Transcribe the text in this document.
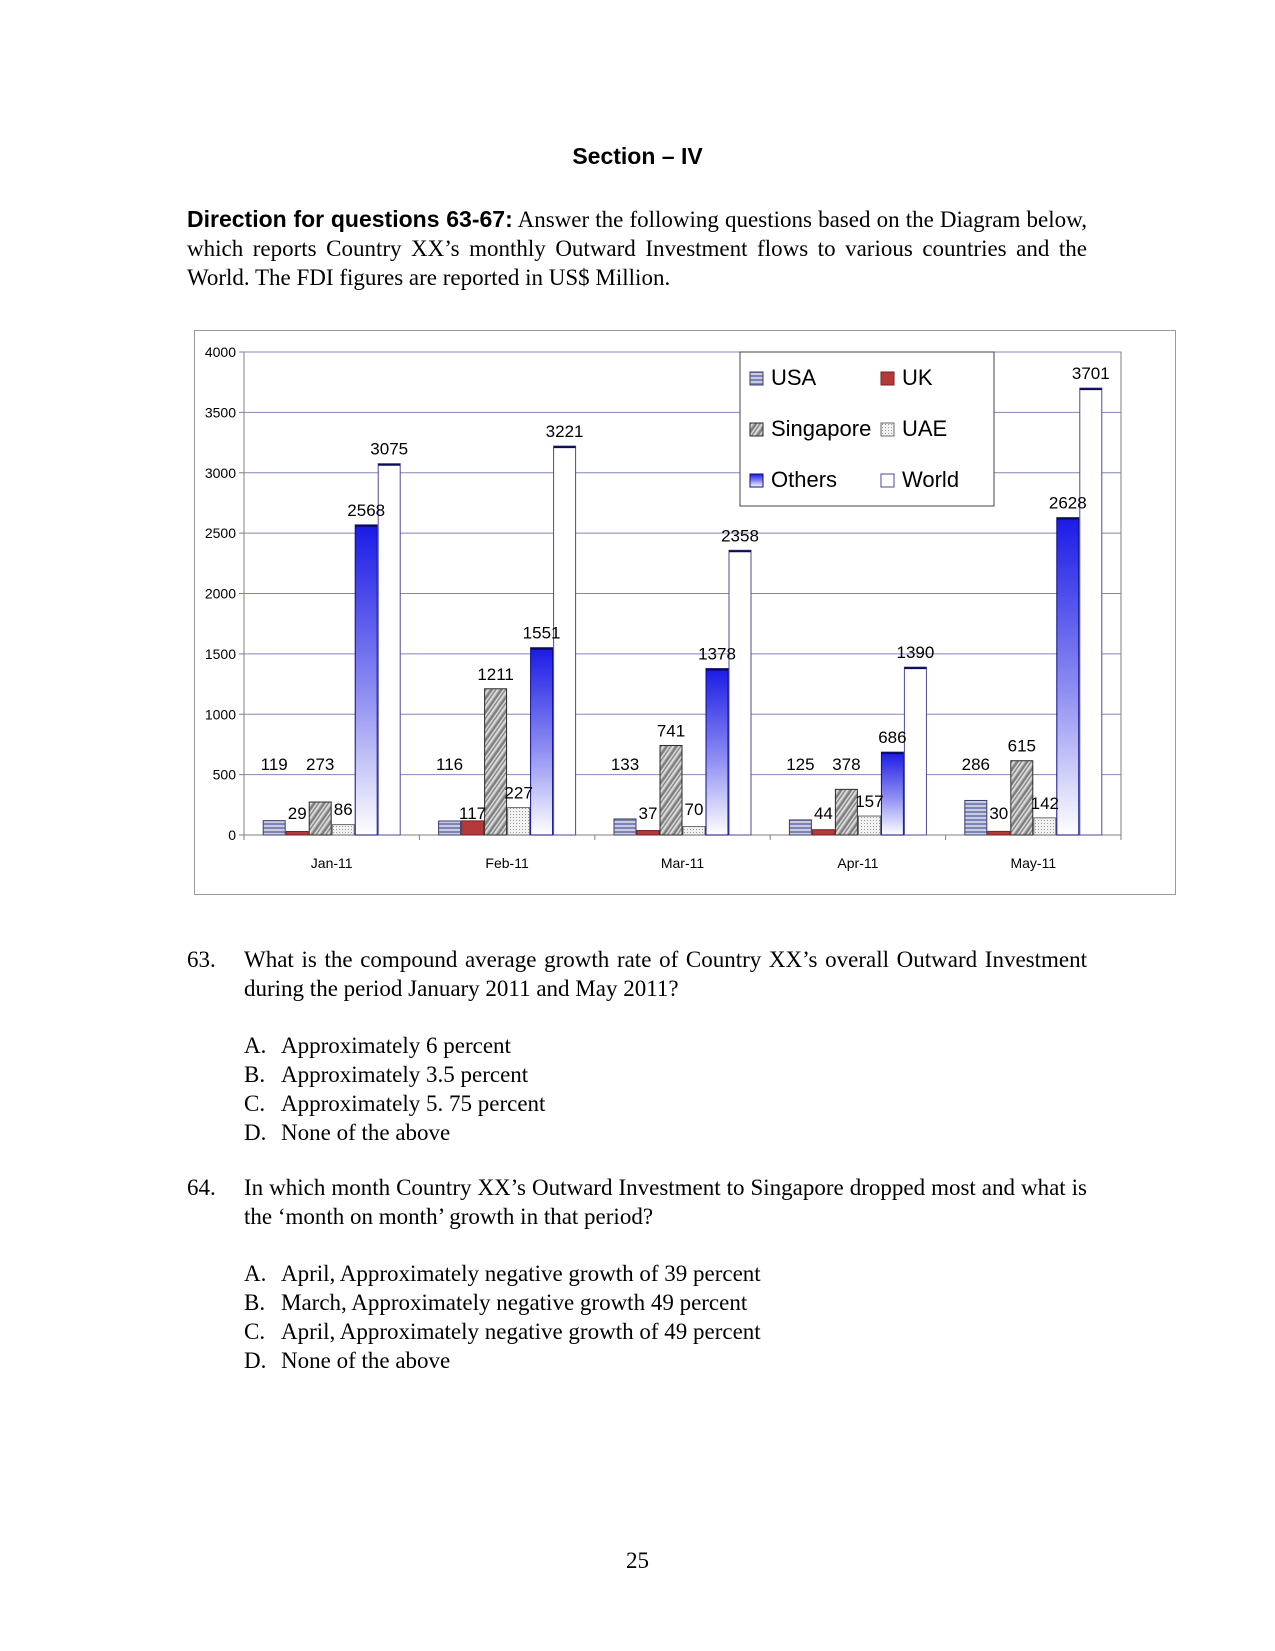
Section – IV
Direction for questions 63-67: Answer the following questions based on the Diagram below, which reports Country XX’s monthly Outward Investment flows to various countries and the World. The FDI figures are reported in US$ Million.
0
500
1000
1500
2000
2500
3000
3500
4000
Jan-11	Feb-11	Mar-11	Apr-11	May-11
119	116	133	125	286
29	117	37	44	30
273
1211
741
378
615
86
227
70	157	142
2568
1551
1378
686
2628
3075
3221
2358
1390
3701
USA	UK
Singapore UAE
Others	World
63. What is the compound average growth rate of Country XX’s overall Outward Investment during the period January 2011 and May 2011?
A. Approximately 6 percent
B. Approximately 3.5 percent
C. Approximately 5. 75 percent
D. None of the above
64. In which month Country XX’s Outward Investment to Singapore dropped most and what is the ‘month on month’ growth in that period?
A. April, Approximately negative growth of 39 percent
B. March, Approximately negative growth 49 percent
C. April, Approximately negative growth of 49 percent
D. None of the above
25
